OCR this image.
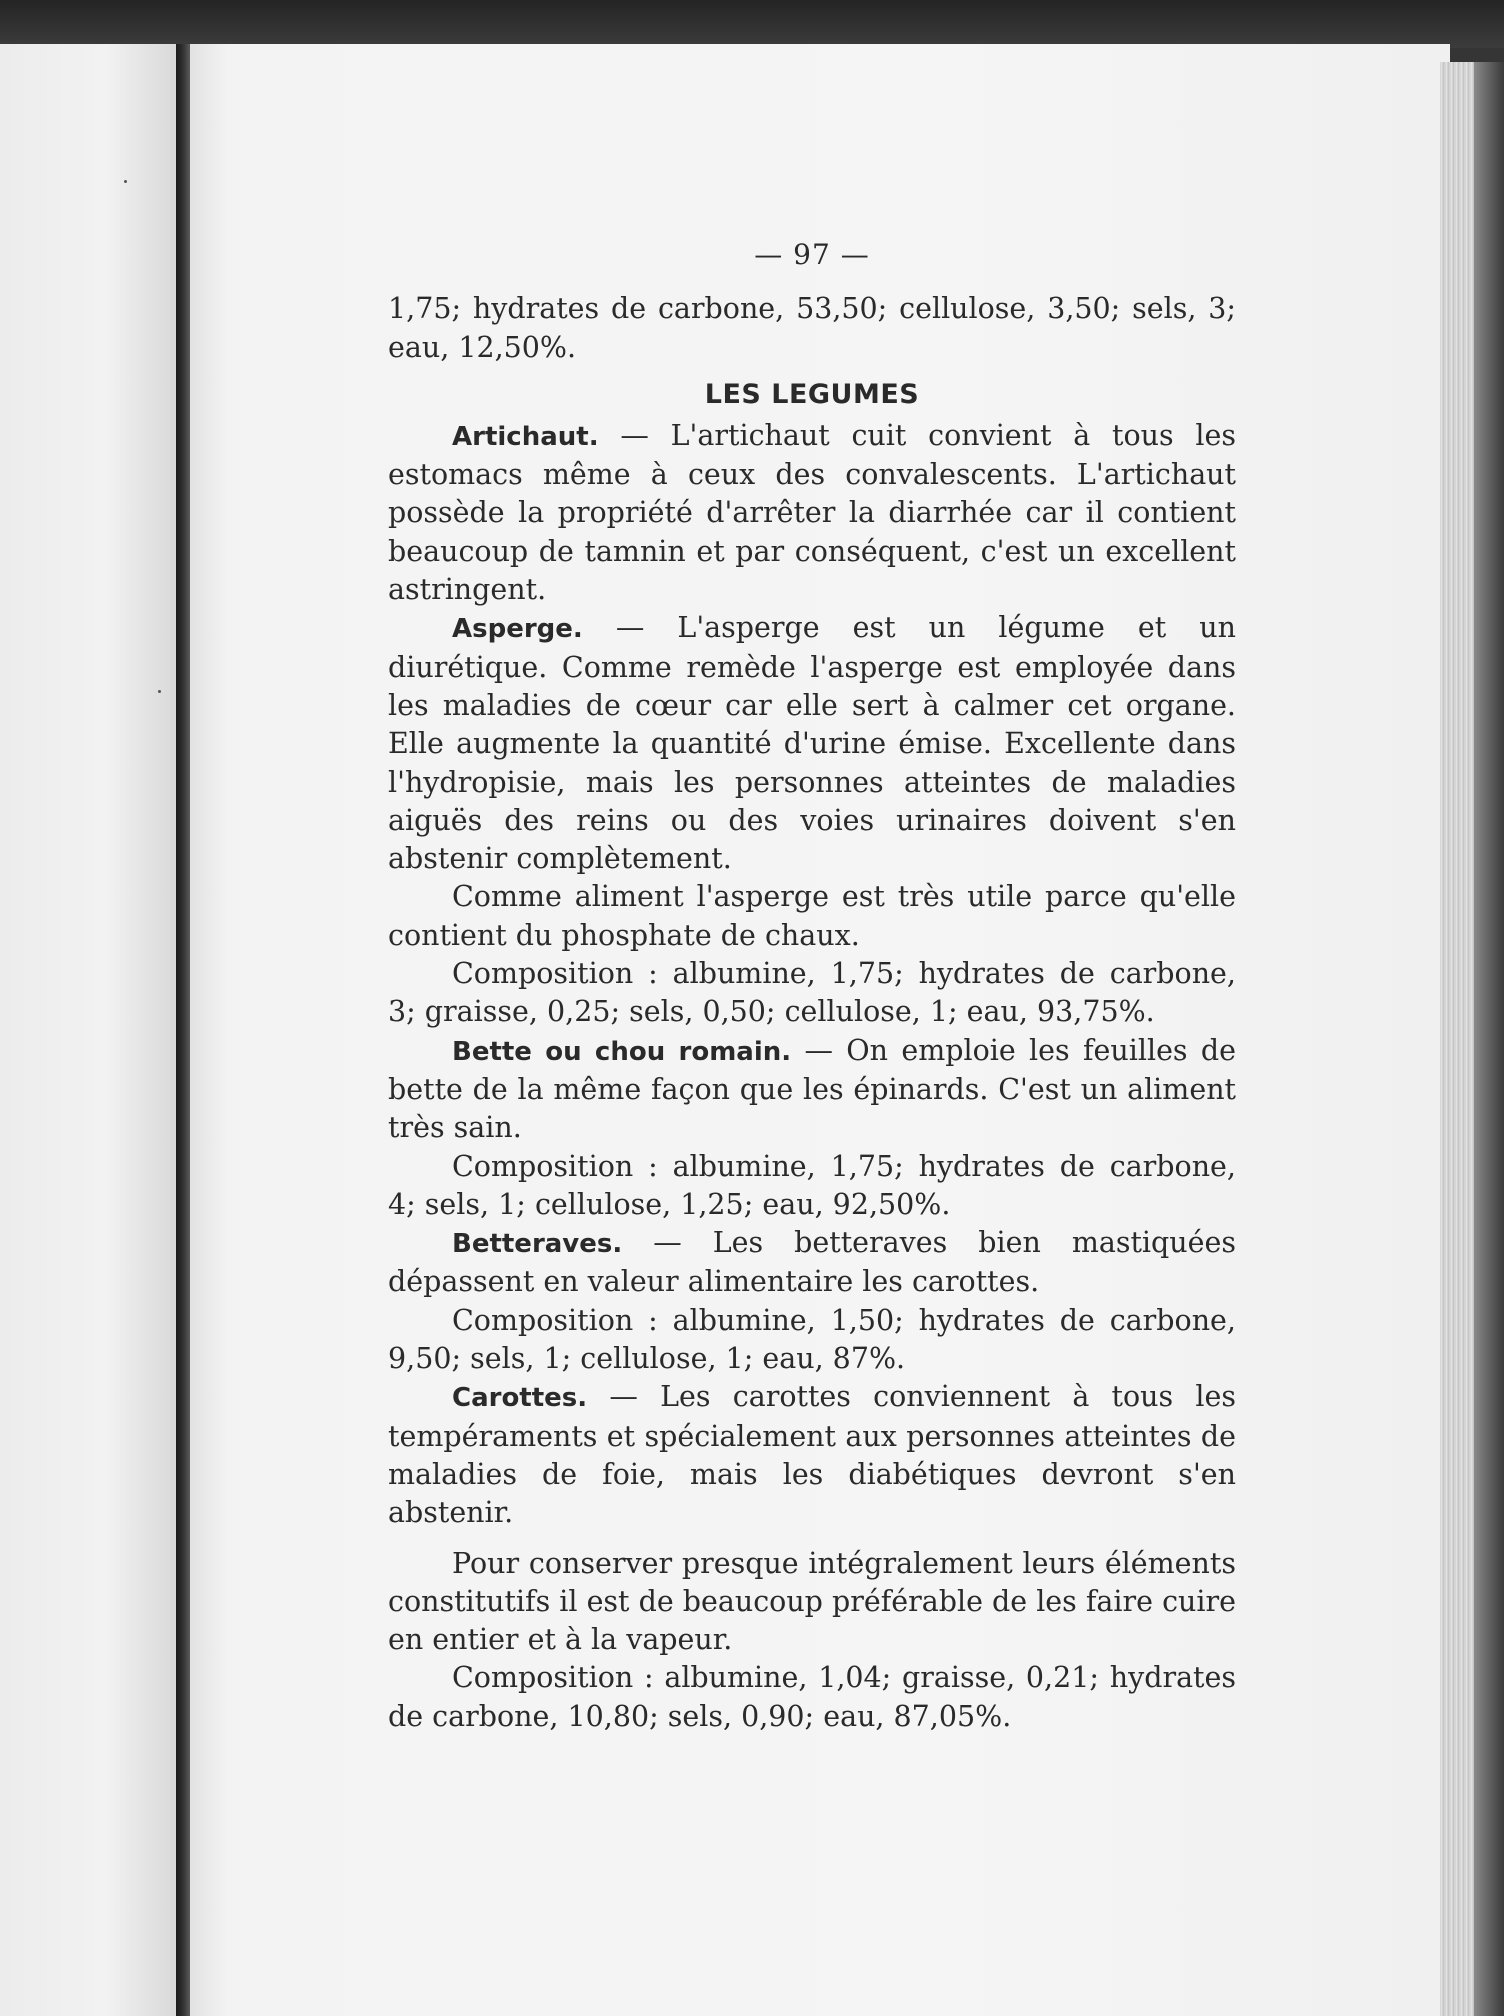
— 97 —

1,75; hydrates de carbone, 53,50; cellulose, 3,50; sels, 3; eau, 12,50%.

LES LEGUMES

Artichaut. — L'artichaut cuit convient à tous les estomacs même à ceux des convalescents. L'artichaut possède la propriété d'arrêter la diarrhée car il contient beaucoup de tamnin et par conséquent, c'est un excellent astringent.

Asperge. — L'asperge est un légume et un diurétique. Comme remède l'asperge est employée dans les maladies de cœur car elle sert à calmer cet organe. Elle augmente la quantité d'urine émise. Excellente dans l'hydropisie, mais les personnes atteintes de maladies aiguës des reins ou des voies urinaires doivent s'en abstenir complètement.

Comme aliment l'asperge est très utile parce qu'elle contient du phosphate de chaux.

Composition : albumine, 1,75; hydrates de carbone, 3; graisse, 0,25; sels, 0,50; cellulose, 1; eau, 93,75%.

Bette ou chou romain. — On emploie les feuilles de bette de la même façon que les épinards. C'est un aliment très sain.

Composition : albumine, 1,75; hydrates de carbone, 4; sels, 1; cellulose, 1,25; eau, 92,50%.

Betteraves. — Les betteraves bien mastiquées dépassent en valeur alimentaire les carottes.

Composition : albumine, 1,50; hydrates de carbone, 9,50; sels, 1; cellulose, 1; eau, 87%.

Carottes. — Les carottes conviennent à tous les tempéraments et spécialement aux personnes atteintes de maladies de foie, mais les diabétiques devront s'en abstenir.

Pour conserver presque intégralement leurs éléments constitutifs il est de beaucoup préférable de les faire cuire en entier et à la vapeur.

Composition : albumine, 1,04; graisse, 0,21; hydrates de carbone, 10,80; sels, 0,90; eau, 87,05%.
